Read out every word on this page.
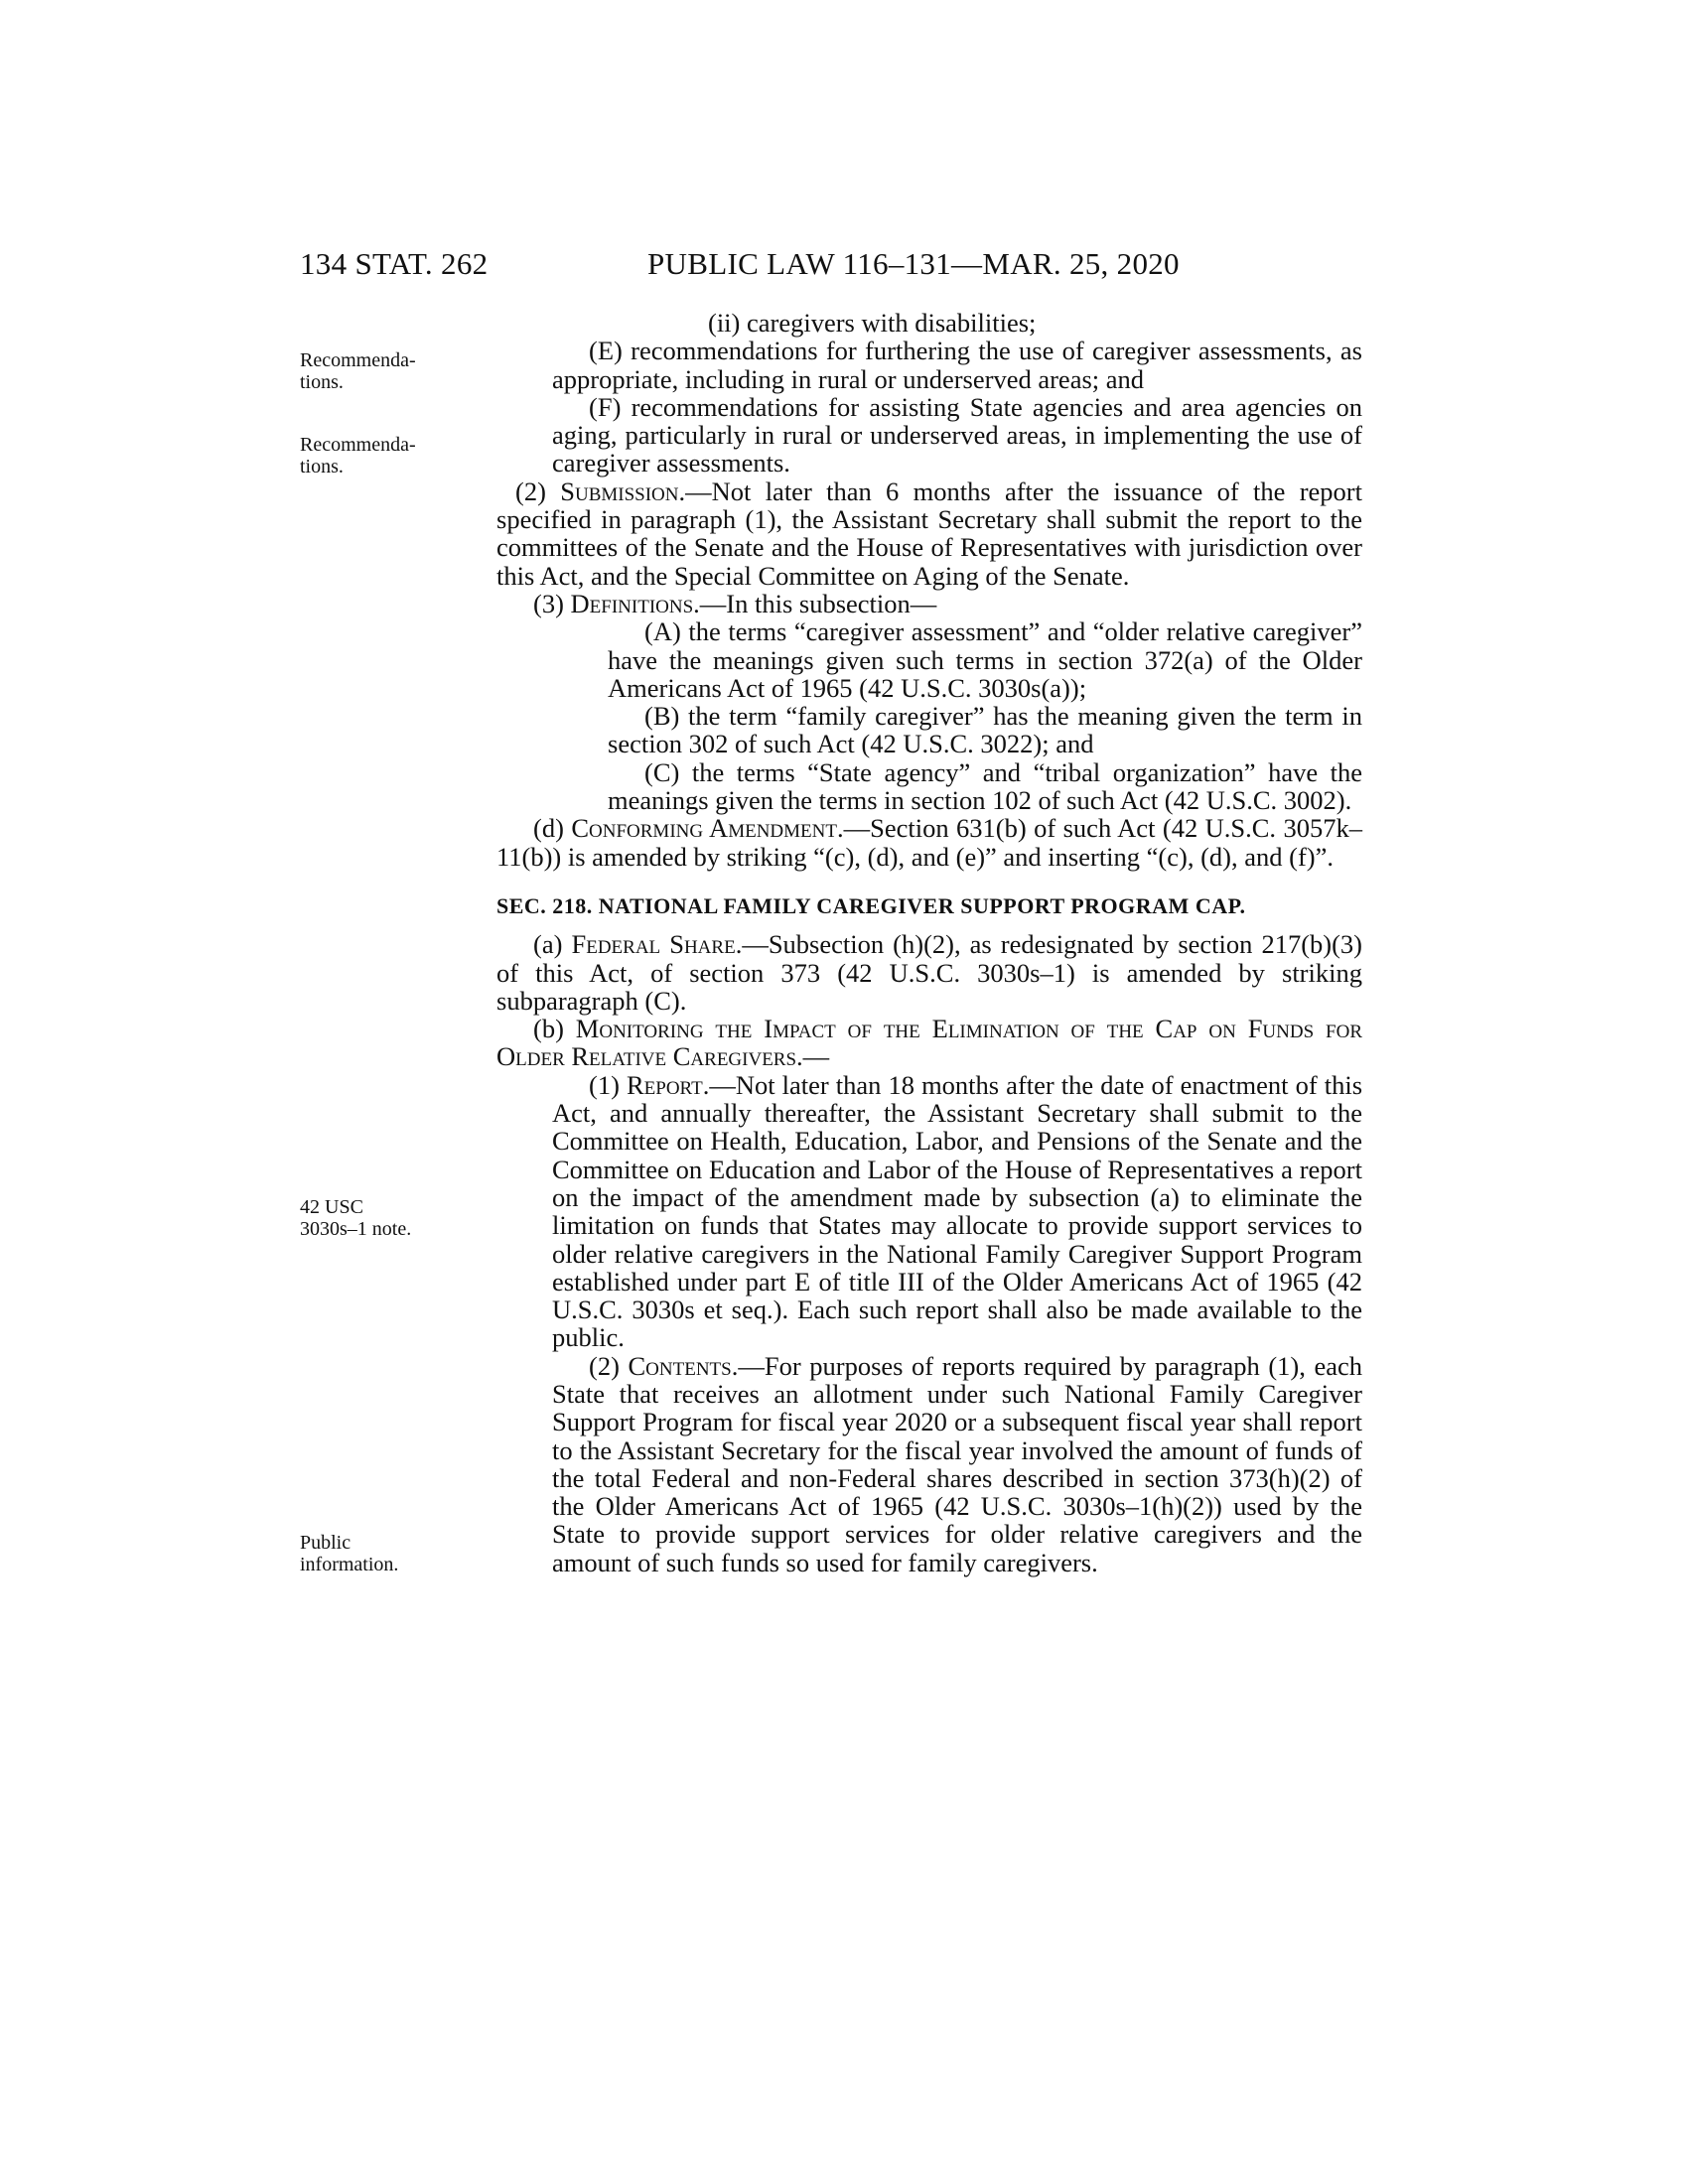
134 STAT. 262	PUBLIC LAW 116–131—MAR. 25, 2020
Recommenda-
tions.
Recommenda-
tions.
42 USC
3030s–1 note.
Public
information.

(ii) caregivers with disabilities;

(E) recommendations for furthering the use of caregiver assessments, as appropriate, including in rural or underserved areas; and

(F) recommendations for assisting State agencies and area agencies on aging, particularly in rural or underserved areas, in implementing the use of caregiver assessments.

(2) Submission.—Not later than 6 months after the issuance of the report specified in paragraph (1), the Assistant Secretary shall submit the report to the committees of the Senate and the House of Representatives with jurisdiction over this Act, and the Special Committee on Aging of the Senate.

(3) Definitions.—In this subsection—

(A) the terms “caregiver assessment” and “older relative caregiver” have the meanings given such terms in section 372(a) of the Older Americans Act of 1965 (42 U.S.C. 3030s(a));

(B) the term “family caregiver” has the meaning given the term in section 302 of such Act (42 U.S.C. 3022); and

(C) the terms “State agency” and “tribal organization” have the meanings given the terms in section 102 of such Act (42 U.S.C. 3002).

(d) Conforming Amendment.—Section 631(b) of such Act (42 U.S.C. 3057k–11(b)) is amended by striking “(c), (d), and (e)” and inserting “(c), (d), and (f)”.

SEC. 218. NATIONAL FAMILY CAREGIVER SUPPORT PROGRAM CAP.

(a) Federal Share.—Subsection (h)(2), as redesignated by section 217(b)(3) of this Act, of section 373 (42 U.S.C. 3030s–1) is amended by striking subparagraph (C).

(b) Monitoring the Impact of the Elimination of the Cap on Funds for Older Relative Caregivers.—

(1) Report.—Not later than 18 months after the date of enactment of this Act, and annually thereafter, the Assistant Secretary shall submit to the Committee on Health, Education, Labor, and Pensions of the Senate and the Committee on Education and Labor of the House of Representatives a report on the impact of the amendment made by subsection (a) to eliminate the limitation on funds that States may allocate to provide support services to older relative caregivers in the National Family Caregiver Support Program established under part E of title III of the Older Americans Act of 1965 (42 U.S.C. 3030s et seq.). Each such report shall also be made available to the public.

(2) Contents.—For purposes of reports required by paragraph (1), each State that receives an allotment under such National Family Caregiver Support Program for fiscal year 2020 or a subsequent fiscal year shall report to the Assistant Secretary for the fiscal year involved the amount of funds of the total Federal and non-Federal shares described in section 373(h)(2) of the Older Americans Act of 1965 (42 U.S.C. 3030s–1(h)(2)) used by the State to provide support services for older relative caregivers and the amount of such funds so used for family caregivers.
